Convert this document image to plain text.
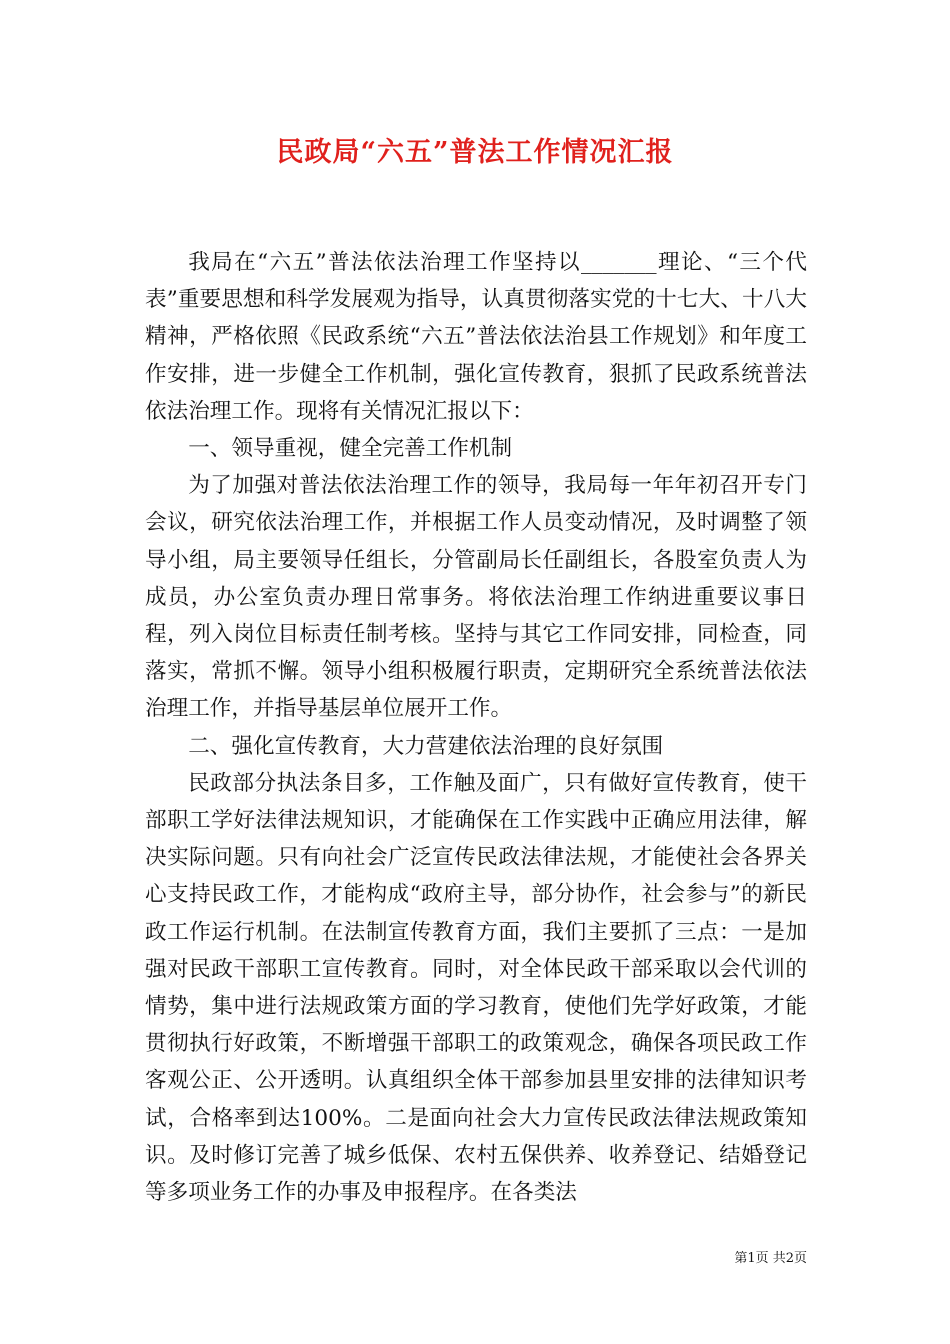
民政局“六五”普法工作情况汇报

我局在“六五”普法依法治理工作坚持以_______理论、“三个代表”重要思想和科学发展观为指导，认真贯彻落实党的十七大、十八大精神，严格依照《民政系统“六五”普法依法治县工作规划》和年度工作安排，进一步健全工作机制，强化宣传教育，狠抓了民政系统普法依法治理工作。现将有关情况汇报以下：

一、领导重视，健全完善工作机制

为了加强对普法依法治理工作的领导，我局每一年年初召开专门会议，研究依法治理工作，并根据工作人员变动情况，及时调整了领导小组，局主要领导任组长，分管副局长任副组长，各股室负责人为成员，办公室负责办理日常事务。将依法治理工作纳进重要议事日程，列入岗位目标责任制考核。坚持与其它工作同安排，同检查，同落实，常抓不懈。领导小组积极履行职责，定期研究全系统普法依法治理工作，并指导基层单位展开工作。

二、强化宣传教育，大力营建依法治理的良好氛围

民政部分执法条目多，工作触及面广，只有做好宣传教育，使干部职工学好法律法规知识，才能确保在工作实践中正确应用法律，解决实际问题。只有向社会广泛宣传民政法律法规，才能使社会各界关心支持民政工作，才能构成“政府主导，部分协作，社会参与”的新民政工作运行机制。在法制宣传教育方面，我们主要抓了三点：一是加强对民政干部职工宣传教育。同时，对全体民政干部采取以会代训的情势，集中进行法规政策方面的学习教育，使他们先学好政策，才能贯彻执行好政策，不断增强干部职工的政策观念，确保各项民政工作客观公正、公开透明。认真组织全体干部参加县里安排的法律知识考试，合格率到达100%。二是面向社会大力宣传民政法律法规政策知识。及时修订完善了城乡低保、农村五保供养、收养登记、结婚登记等多项业务工作的办事及申报程序。在各类法

第1页 共2页
